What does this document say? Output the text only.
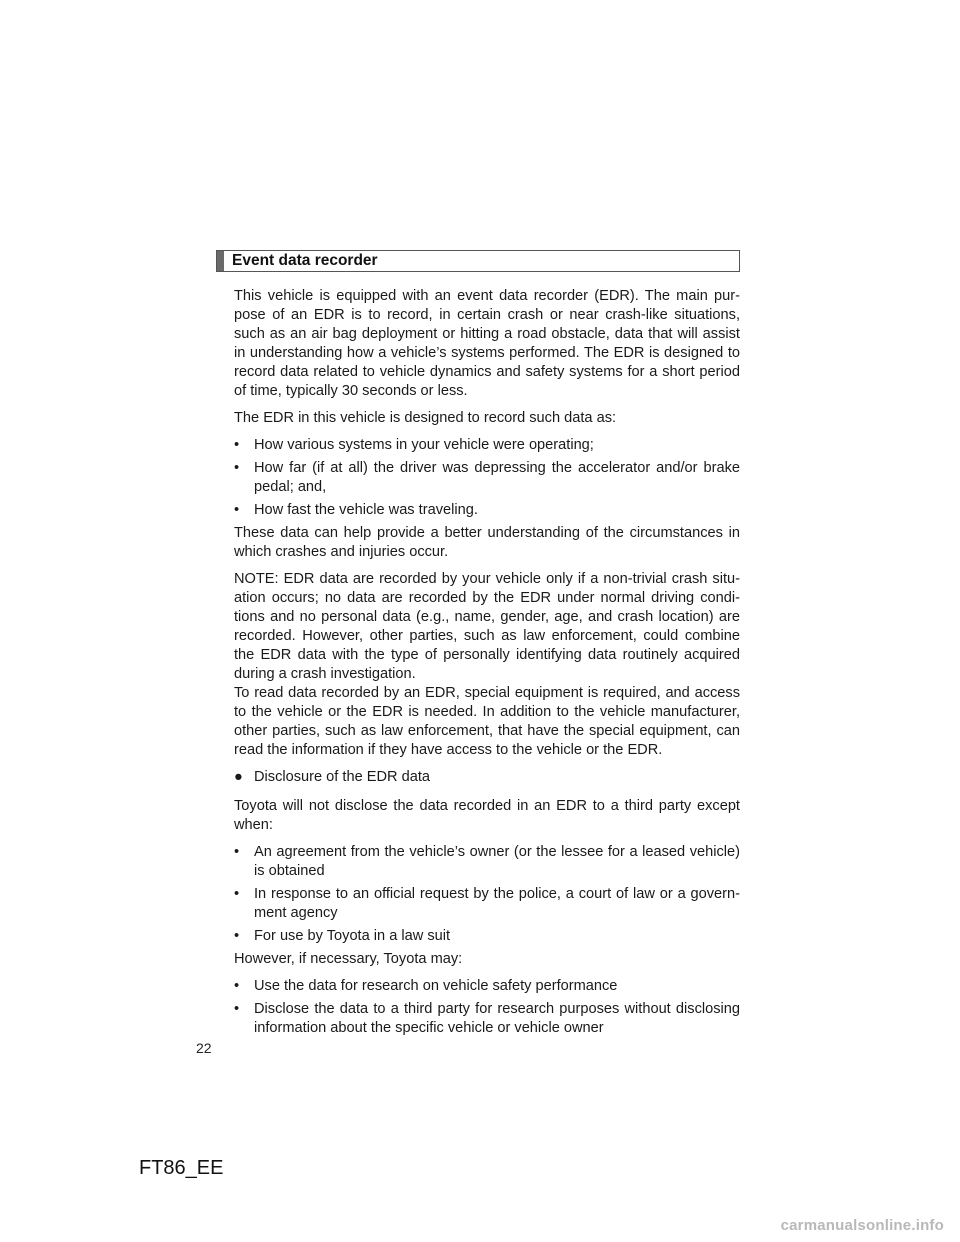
Event data recorder

This vehicle is equipped with an event data recorder (EDR). The main pur-pose of an EDR is to record, in certain crash or near crash-like situations, such as an air bag deployment or hitting a road obstacle, data that will assist in understanding how a vehicle’s systems performed. The EDR is designed to record data related to vehicle dynamics and safety systems for a short period of time, typically 30 seconds or less.

The EDR in this vehicle is designed to record such data as:

• How various systems in your vehicle were operating;
• How far (if at all) the driver was depressing the accelerator and/or brake pedal; and,
• How fast the vehicle was traveling.

These data can help provide a better understanding of the circumstances in which crashes and injuries occur.

NOTE: EDR data are recorded by your vehicle only if a non-trivial crash situ-ation occurs; no data are recorded by the EDR under normal driving condi-tions and no personal data (e.g., name, gender, age, and crash location) are recorded. However, other parties, such as law enforcement, could combine the EDR data with the type of personally identifying data routinely acquired during a crash investigation.

To read data recorded by an EDR, special equipment is required, and access to the vehicle or the EDR is needed. In addition to the vehicle manufacturer, other parties, such as law enforcement, that have the special equipment, can read the information if they have access to the vehicle or the EDR.

● Disclosure of the EDR data

Toyota will not disclose the data recorded in an EDR to a third party except when:

• An agreement from the vehicle’s owner (or the lessee for a leased vehicle) is obtained
• In response to an official request by the police, a court of law or a govern-ment agency
• For use by Toyota in a law suit

However, if necessary, Toyota may:

• Use the data for research on vehicle safety performance
• Disclose the data to a third party for research purposes without disclosing information about the specific vehicle or vehicle owner
22
FT86_EE
carmanualsonline.info
